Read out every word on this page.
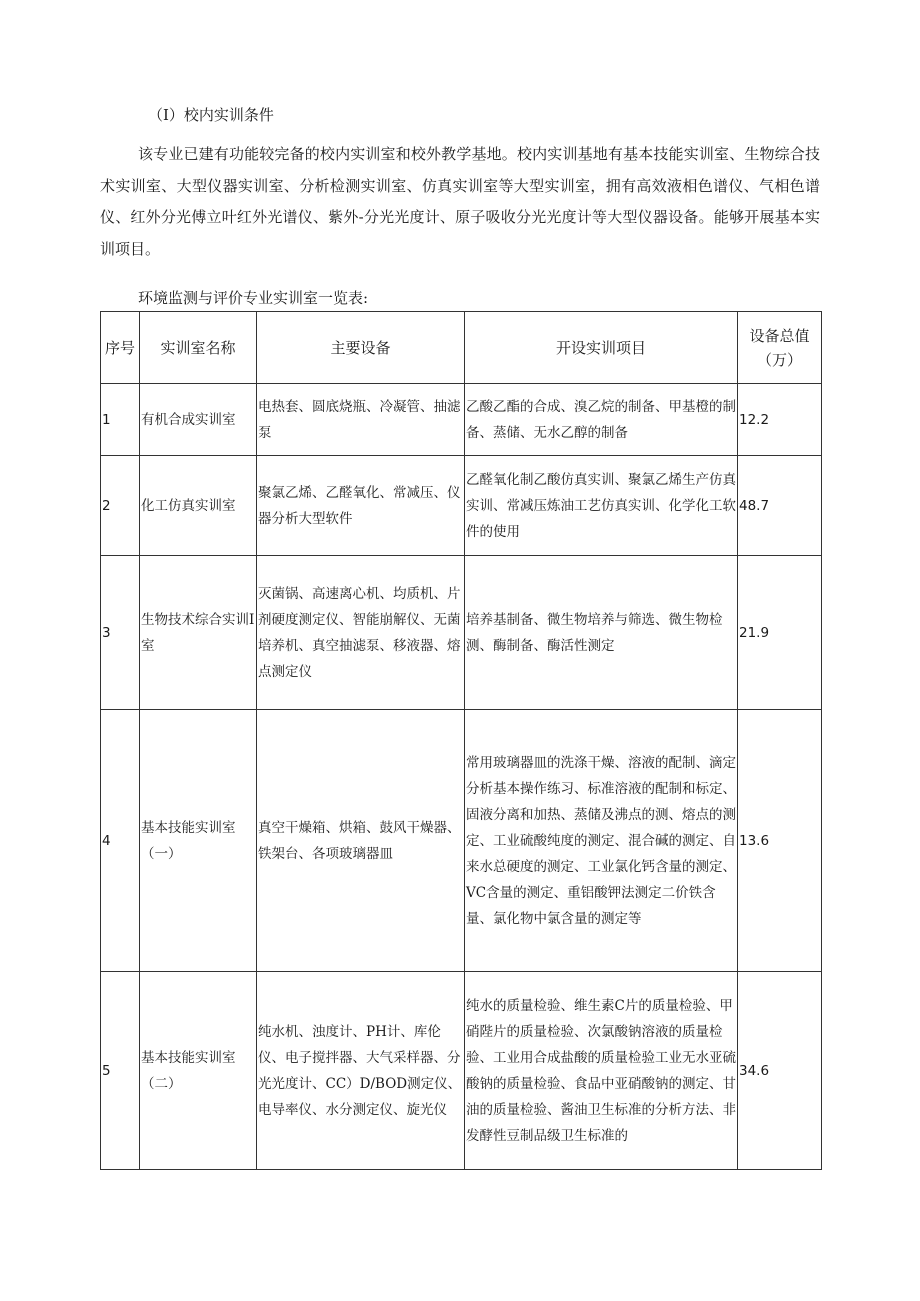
（I）校内实训条件
该专业已建有功能较完备的校内实训室和校外教学基地。校内实训基地有基本技能实训室、生物综合技术实训室、大型仪器实训室、分析检测实训室、仿真实训室等大型实训室，拥有高效液相色谱仪、气相色谱仪、红外分光傅立叶红外光谱仪、紫外-分光光度计、原子吸收分光光度计等大型仪器设备。能够开展基本实训项目。
环境监测与评价专业实训室一览表:
序号	实训室名称	主要设备	开设实训项目	设备总值（万）
1	有机合成实训室	电热套、圆底烧瓶、冷凝管、抽滤泵	乙酸乙酯的合成、溴乙烷的制备、甲基橙的制备、蒸储、无水乙醇的制备	12.2
2	化工仿真实训室	聚氯乙烯、乙醛氧化、常减压、仪器分析大型软件	乙醛氧化制乙酸仿真实训、聚氯乙烯生产仿真实训、常减压炼油工艺仿真实训、化学化工软件的使用	48.7
3	生物技术综合实训I室	灭菌锅、高速离心机、均质机、片剂硬度测定仪、智能崩解仪、无菌培养机、真空抽滤泵、移液器、熔点测定仪	培养基制备、微生物培养与筛选、微生物检测、酶制备、酶活性测定	21.9
4	基本技能实训室（一）	真空干燥箱、烘箱、鼓风干燥器、铁架台、各项玻璃器皿	常用玻璃器皿的洗涤干燥、溶液的配制、滴定分析基本操作练习、标准溶液的配制和标定、固液分离和加热、蒸储及沸点的测、熔点的测定、工业硫酸纯度的测定、混合碱的测定、自来水总硬度的测定、工业氯化钙含量的测定、VC含量的测定、重铝酸钾法测定二价铁含量、氯化物中氯含量的测定等	13.6
5	基本技能实训室（二）	纯水机、浊度计、PH计、库伦仪、电子搅拌器、大气采样器、分光光度计、CC）D/BOD测定仪、电导率仪、水分测定仪、旋光仪	纯水的质量检验、维生素C片的质量检验、甲硝陛片的质量检验、次氯酸钠溶液的质量检验、工业用合成盐酸的质量检验工业无水亚硫酸钠的质量检验、食品中亚硝酸钠的测定、甘油的质量检验、酱油卫生标准的分析方法、非发酵性豆制品级卫生标准的	34.6
